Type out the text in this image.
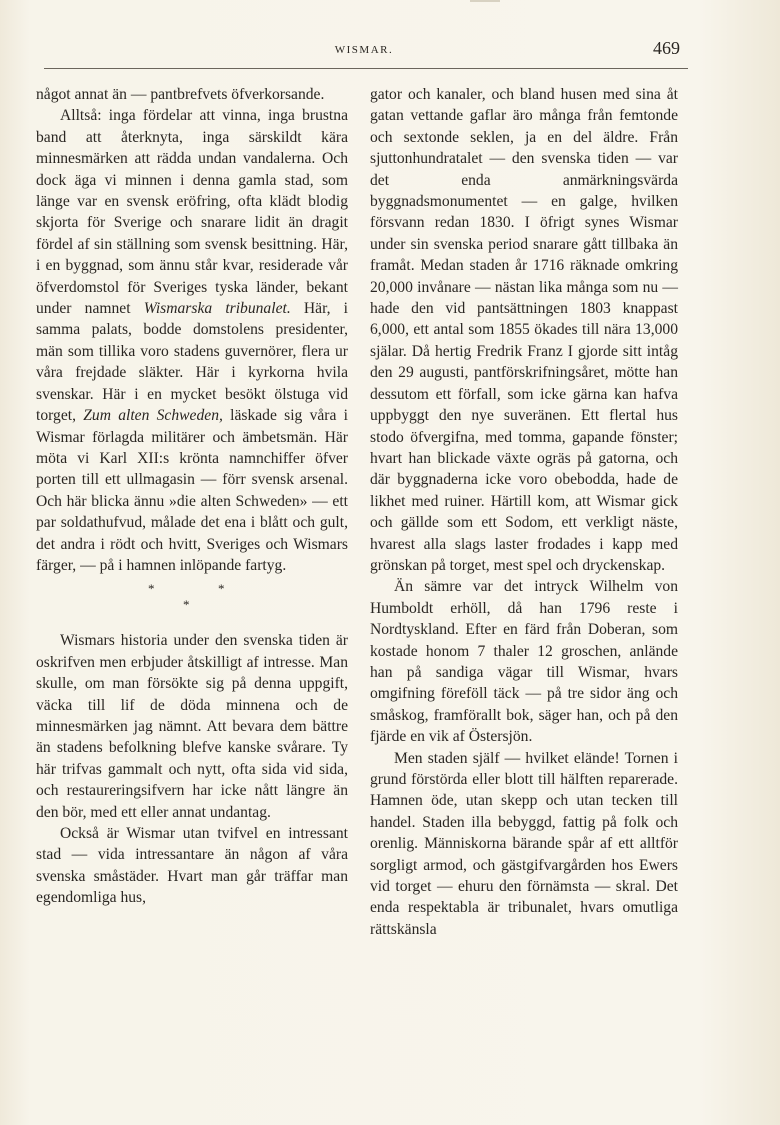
WISMAR.	469

något annat än — pantbrefvets öfverkorsande.

Alltså: inga fördelar att vinna, inga brustna band att återknyta, inga särskildt kära minnesmärken att rädda undan vandalerna. Och dock äga vi minnen i denna gamla stad, som länge var en svensk eröfring, ofta klädt blodig skjorta för Sverige och snarare lidit än dragit fördel af sin ställning som svensk besittning. Här, i en byggnad, som ännu står kvar, residerade vår öfverdomstol för Sveriges tyska länder, bekant under namnet Wismarska tribunalet. Här, i samma palats, bodde domstolens presidenter, män som tillika voro stadens guvernörer, flera ur våra frejdade släkter. Här i kyrkorna hvila svenskar. Här i en mycket besökt ölstuga vid torget, Zum alten Schweden, läskade sig våra i Wismar förlagda militärer och ämbetsmän. Här möta vi Karl XII:s krönta namnchiffer öfver porten till ett ullmagasin — förr svensk arsenal. Och här blicka ännu »die alten Schweden» — ett par soldathufvud, målade det ena i blått och gult, det andra i rödt och hvitt, Sveriges och Wismars färger, — på i hamnen inlöpande fartyg.

*	*
*

Wismars historia under den svenska tiden är oskrifven men erbjuder åtskilligt af intresse. Man skulle, om man försökte sig på denna uppgift, väcka till lif de döda minnena och de minnesmärken jag nämnt. Att bevara dem bättre än stadens befolkning blefve kanske svårare. Ty här trifvas gammalt och nytt, ofta sida vid sida, och restaureringsifvern har icke nått längre än den bör, med ett eller annat undantag.

Också är Wismar utan tvifvel en intressant stad — vida intressantare än någon af våra svenska småstäder. Hvart man går träffar man egendomliga hus,

gator och kanaler, och bland husen med sina åt gatan vettande gaflar äro många från femtonde och sextonde seklen, ja en del äldre. Från sjuttonhundratalet — den svenska tiden — var det enda anmärkningsvärda byggnadsmonumentet — en galge, hvilken försvann redan 1830. I öfrigt synes Wismar under sin svenska period snarare gått tillbaka än framåt. Medan staden år 1716 räknade omkring 20,000 invånare — nästan lika många som nu — hade den vid pantsättningen 1803 knappast 6,000, ett antal som 1855 ökades till nära 13,000 själar. Då hertig Fredrik Franz I gjorde sitt intåg den 29 augusti, pantförskrifningsåret, mötte han dessutom ett förfall, som icke gärna kan hafva uppbyggt den nye suveränen. Ett flertal hus stodo öfvergifna, med tomma, gapande fönster; hvart han blickade växte ogräs på gatorna, och där byggnaderna icke voro obebodda, hade de likhet med ruiner. Härtill kom, att Wismar gick och gällde som ett Sodom, ett verkligt näste, hvarest alla slags laster frodades i kapp med grönskan på torget, mest spel och dryckenskap.

Än sämre var det intryck Wilhelm von Humboldt erhöll, då han 1796 reste i Nordtyskland. Efter en färd från Doberan, som kostade honom 7 thaler 12 groschen, anlände han på sandiga vägar till Wismar, hvars omgifning föreföll täck — på tre sidor äng och småskog, framförallt bok, säger han, och på den fjärde en vik af Östersjön.

Men staden själf — hvilket elände! Tornen i grund förstörda eller blott till hälften reparerade. Hamnen öde, utan skepp och utan tecken till handel. Staden illa bebyggd, fattig på folk och orenlig. Människorna bärande spår af ett alltför sorgligt armod, och gästgifvargården hos Ewers vid torget — ehuru den förnämsta — skral. Det enda respektabla är tribunalet, hvars omutliga rättskänsla
